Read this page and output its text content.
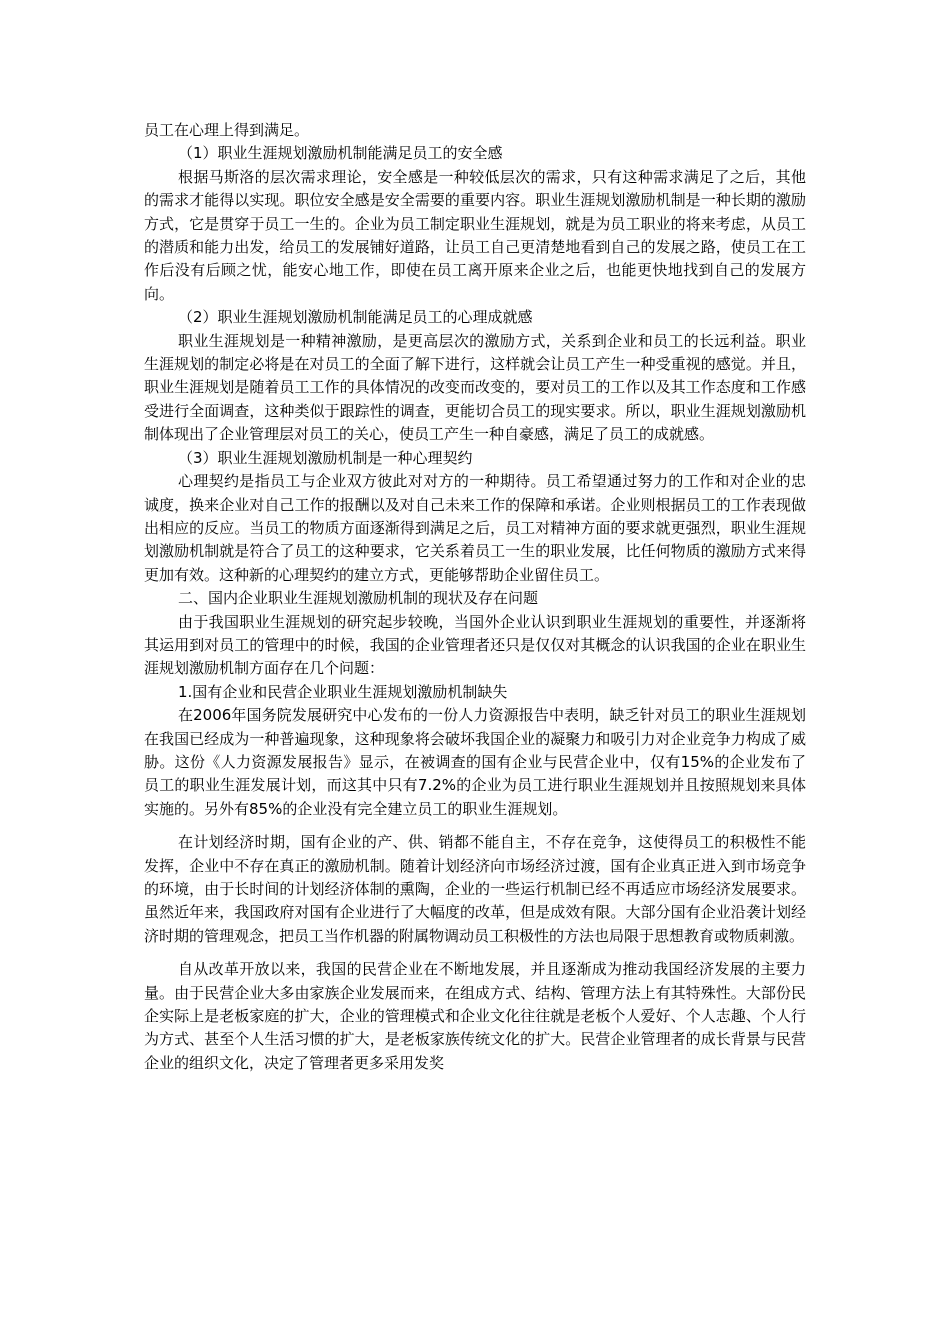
员工在心理上得到满足。

（1）职业生涯规划激励机制能满足员工的安全感

根据马斯洛的层次需求理论，安全感是一种较低层次的需求，只有这种需求满足了之后，其他的需求才能得以实现。职位安全感是安全需要的重要内容。职业生涯规划激励机制是一种长期的激励方式，它是贯穿于员工一生的。企业为员工制定职业生涯规划，就是为员工职业的将来考虑，从员工的潜质和能力出发，给员工的发展铺好道路，让员工自己更清楚地看到自己的发展之路，使员工在工作后没有后顾之忧，能安心地工作，即使在员工离开原来企业之后，也能更快地找到自己的发展方向。

（2）职业生涯规划激励机制能满足员工的心理成就感

职业生涯规划是一种精神激励，是更高层次的激励方式，关系到企业和员工的长远利益。职业生涯规划的制定必将是在对员工的全面了解下进行，这样就会让员工产生一种受重视的感觉。并且，职业生涯规划是随着员工工作的具体情况的改变而改变的，要对员工的工作以及其工作态度和工作感受进行全面调查，这种类似于跟踪性的调查，更能切合员工的现实要求。所以，职业生涯规划激励机制体现出了企业管理层对员工的关心，使员工产生一种自豪感，满足了员工的成就感。

（3）职业生涯规划激励机制是一种心理契约

心理契约是指员工与企业双方彼此对对方的一种期待。员工希望通过努力的工作和对企业的忠诚度，换来企业对自己工作的报酬以及对自己未来工作的保障和承诺。企业则根据员工的工作表现做出相应的反应。当员工的物质方面逐渐得到满足之后，员工对精神方面的要求就更强烈，职业生涯规划激励机制就是符合了员工的这种要求，它关系着员工一生的职业发展，比任何物质的激励方式来得更加有效。这种新的心理契约的建立方式，更能够帮助企业留住员工。

二、国内企业职业生涯规划激励机制的现状及存在问题

由于我国职业生涯规划的研究起步较晚，当国外企业认识到职业生涯规划的重要性，并逐渐将其运用到对员工的管理中的时候，我国的企业管理者还只是仅仅对其概念的认识我国的企业在职业生涯规划激励机制方面存在几个问题：

1.国有企业和民营企业职业生涯规划激励机制缺失

在2006年国务院发展研究中心发布的一份人力资源报告中表明，缺乏针对员工的职业生涯规划在我国已经成为一种普遍现象，这种现象将会破坏我国企业的凝聚力和吸引力对企业竞争力构成了威胁。这份《人力资源发展报告》显示，在被调查的国有企业与民营企业中，仅有15%的企业发布了员工的职业生涯发展计划，而这其中只有7.2%的企业为员工进行职业生涯规划并且按照规划来具体实施的。另外有85%的企业没有完全建立员工的职业生涯规划。

在计划经济时期，国有企业的产、供、销都不能自主，不存在竞争，这使得员工的积极性不能发挥，企业中不存在真正的激励机制。随着计划经济向市场经济过渡，国有企业真正进入到市场竞争的环境，由于长时间的计划经济体制的熏陶，企业的一些运行机制已经不再适应市场经济发展要求。虽然近年来，我国政府对国有企业进行了大幅度的改革，但是成效有限。大部分国有企业沿袭计划经济时期的管理观念，把员工当作机器的附属物调动员工积极性的方法也局限于思想教育或物质刺激。

自从改革开放以来，我国的民营企业在不断地发展，并且逐渐成为推动我国经济发展的主要力量。由于民营企业大多由家族企业发展而来，在组成方式、结构、管理方法上有其特殊性。大部份民企实际上是老板家庭的扩大，企业的管理模式和企业文化往往就是老板个人爱好、个人志趣、个人行为方式、甚至个人生活习惯的扩大，是老板家族传统文化的扩大。民营企业管理者的成长背景与民营企业的组织文化，决定了管理者更多采用发奖
